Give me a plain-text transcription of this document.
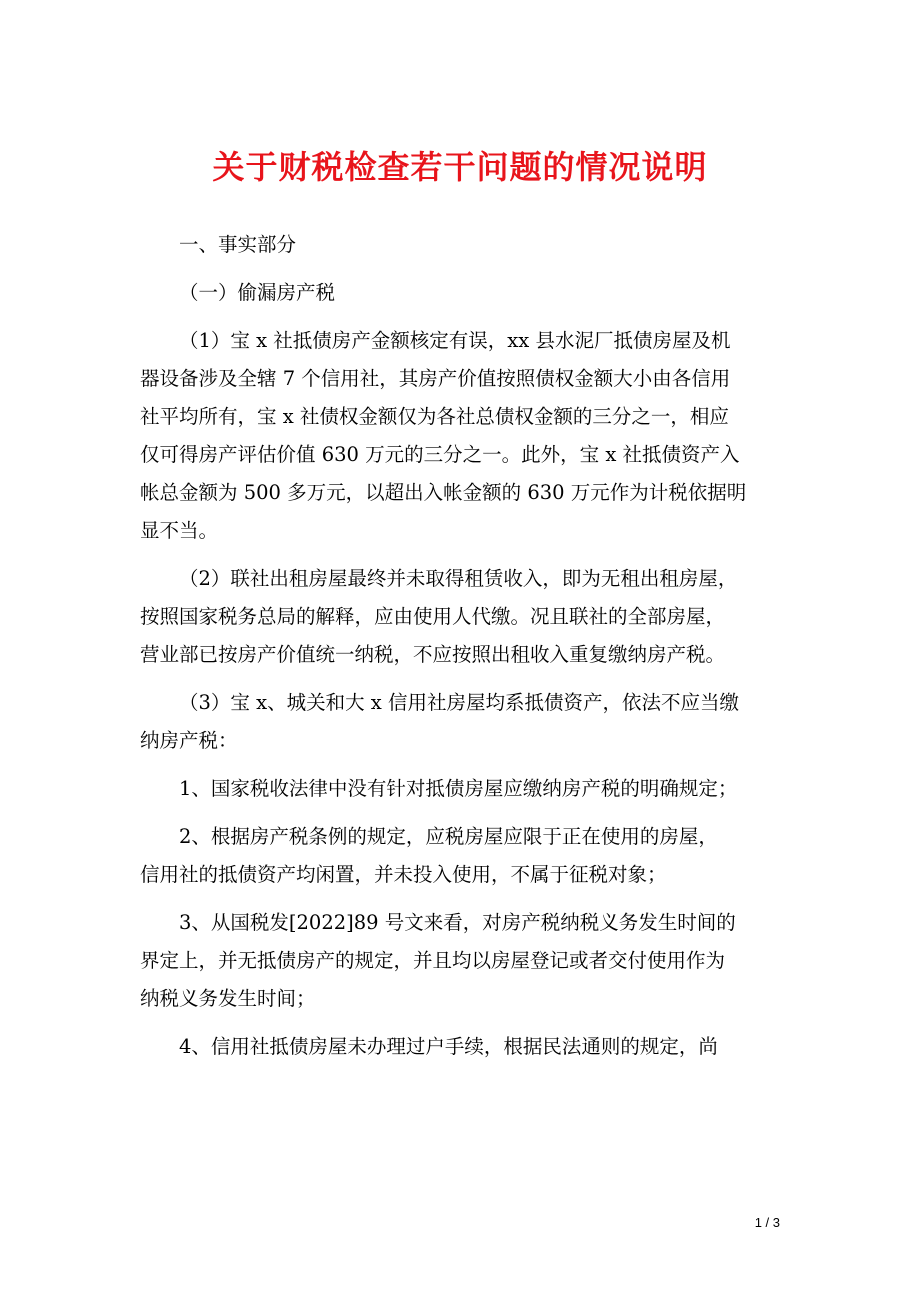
关于财税检查若干问题的情况说明
一、事实部分
（一）偷漏房产税
（1）宝 x 社抵债房产金额核定有误，xx 县水泥厂抵债房屋及机
器设备涉及全辖 7 个信用社，其房产价值按照债权金额大小由各信用
社平均所有，宝 x 社债权金额仅为各社总债权金额的三分之一，相应
仅可得房产评估价值 630 万元的三分之一。此外，宝 x 社抵债资产入
帐总金额为 500 多万元，以超出入帐金额的 630 万元作为计税依据明
显不当。
（2）联社出租房屋最终并未取得租赁收入，即为无租出租房屋，
按照国家税务总局的解释，应由使用人代缴。况且联社的全部房屋，
营业部已按房产价值统一纳税，不应按照出租收入重复缴纳房产税。
（3）宝 x、城关和大 x 信用社房屋均系抵债资产，依法不应当缴
纳房产税：
1、国家税收法律中没有针对抵债房屋应缴纳房产税的明确规定；
2、根据房产税条例的规定，应税房屋应限于正在使用的房屋，
信用社的抵债资产均闲置，并未投入使用，不属于征税对象；
3、从国税发[2022]89 号文来看，对房产税纳税义务发生时间的
界定上，并无抵债房产的规定，并且均以房屋登记或者交付使用作为
纳税义务发生时间；
4、信用社抵债房屋未办理过户手续，根据民法通则的规定，尚
1 / 3
